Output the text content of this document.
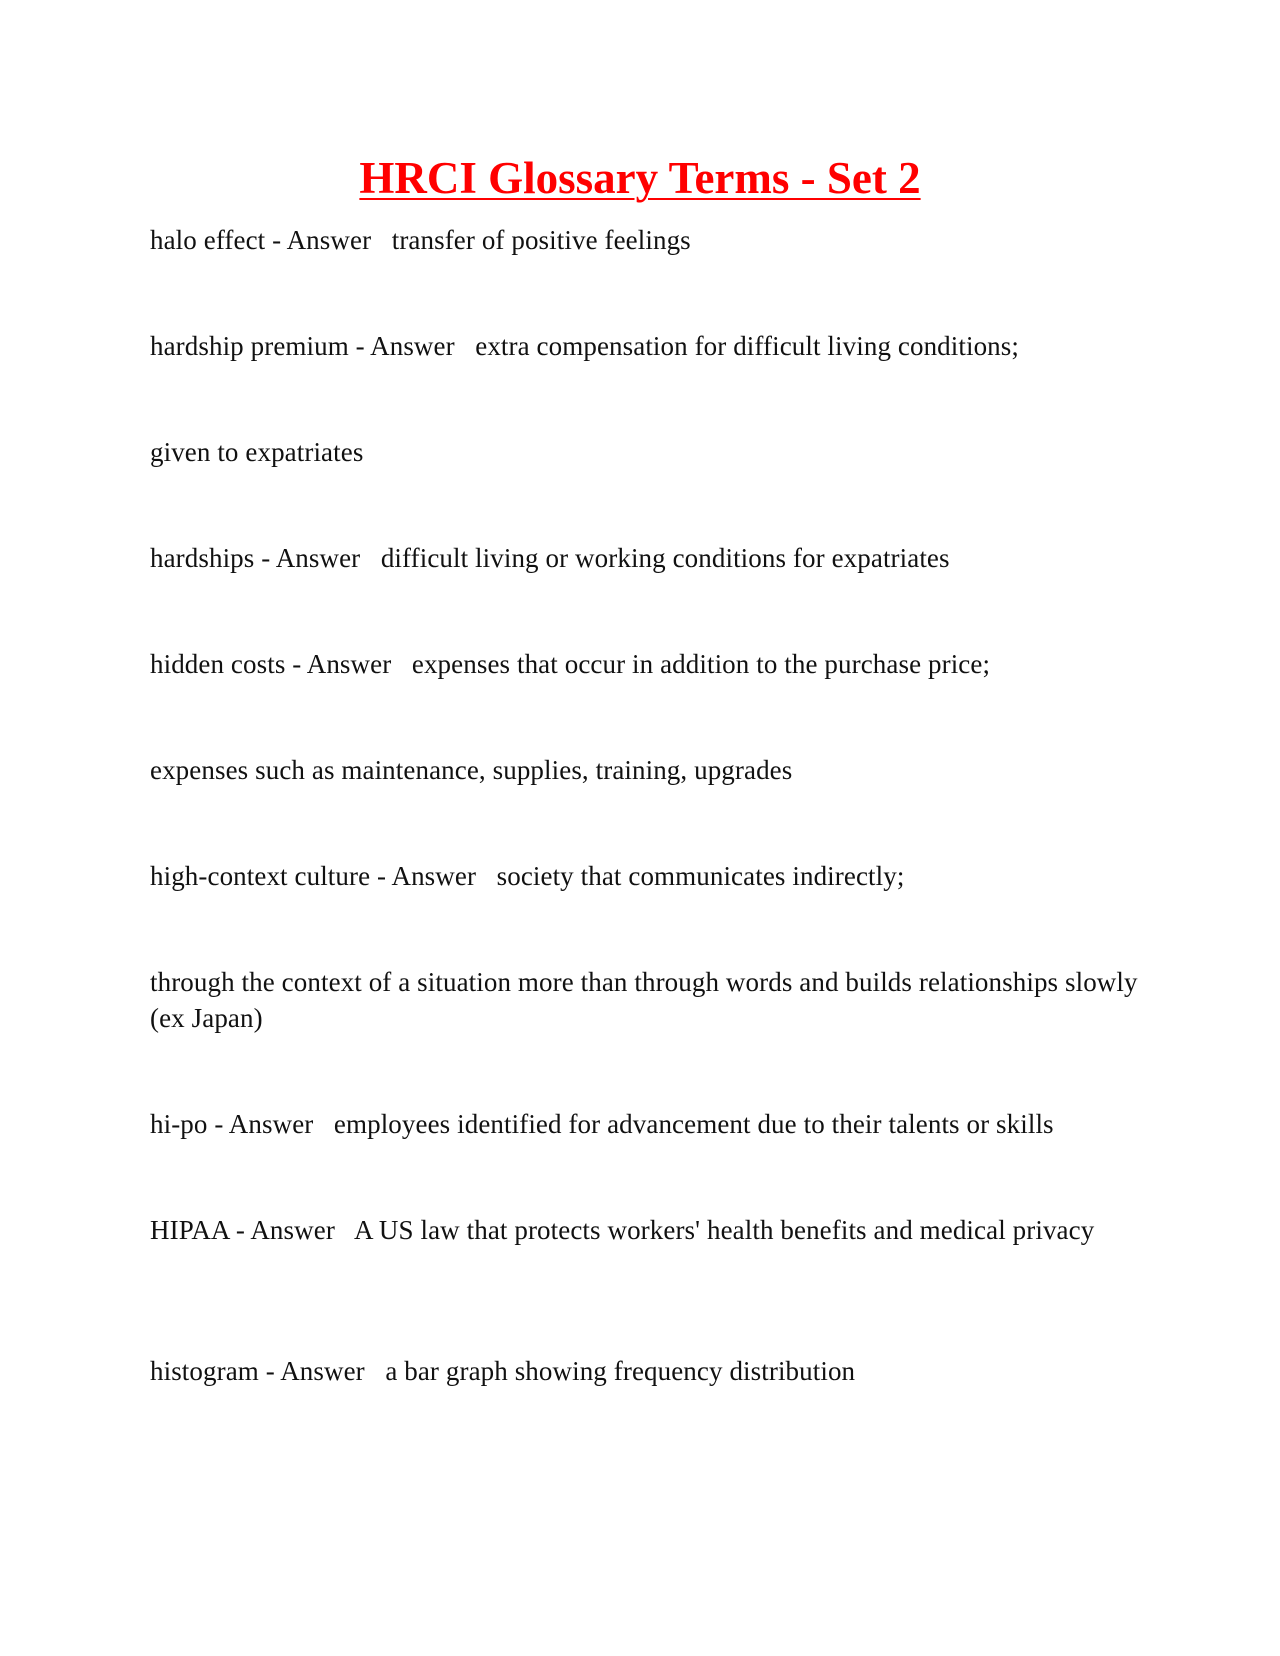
HRCI Glossary Terms - Set 2

halo effect - Answer   transfer of positive feelings

hardship premium - Answer   extra compensation for difficult living conditions;

given to expatriates

hardships - Answer   difficult living or working conditions for expatriates

hidden costs - Answer   expenses that occur in addition to the purchase price;

expenses such as maintenance, supplies, training, upgrades

high-context culture - Answer   society that communicates indirectly;

through the context of a situation more than through words and builds relationships slowly (ex Japan)

hi-po - Answer   employees identified for advancement due to their talents or skills

HIPAA - Answer   A US law that protects workers' health benefits and medical privacy

histogram - Answer   a bar graph showing frequency distribution
